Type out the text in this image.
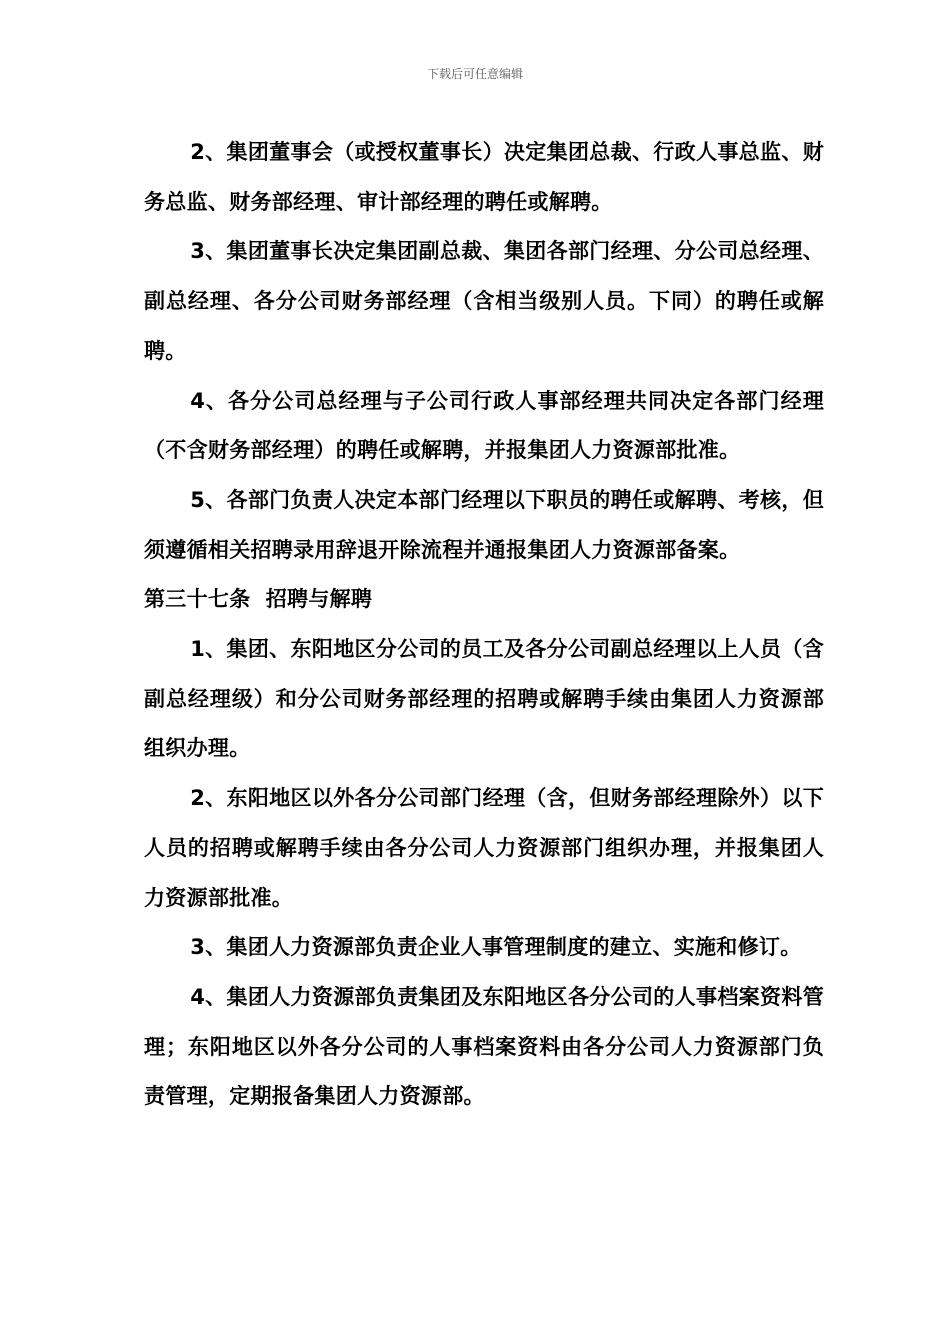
下载后可任意编辑

2、集团董事会（或授权董事长）决定集团总裁、行政人事总监、财务总监、财务部经理、审计部经理的聘任或解聘。

3、集团董事长决定集团副总裁、集团各部门经理、分公司总经理、副总经理、各分公司财务部经理（含相当级别人员。下同）的聘任或解聘。

4、各分公司总经理与子公司行政人事部经理共同决定各部门经理（不含财务部经理）的聘任或解聘，并报集团人力资源部批准。

5、各部门负责人决定本部门经理以下职员的聘任或解聘、考核，但须遵循相关招聘录用辞退开除流程并通报集团人力资源部备案。

第三十七条  招聘与解聘

1、集团、东阳地区分公司的员工及各分公司副总经理以上人员（含副总经理级）和分公司财务部经理的招聘或解聘手续由集团人力资源部组织办理。

2、东阳地区以外各分公司部门经理（含，但财务部经理除外）以下人员的招聘或解聘手续由各分公司人力资源部门组织办理，并报集团人力资源部批准。

3、集团人力资源部负责企业人事管理制度的建立、实施和修订。

4、集团人力资源部负责集团及东阳地区各分公司的人事档案资料管理；东阳地区以外各分公司的人事档案资料由各分公司人力资源部门负责管理，定期报备集团人力资源部。
